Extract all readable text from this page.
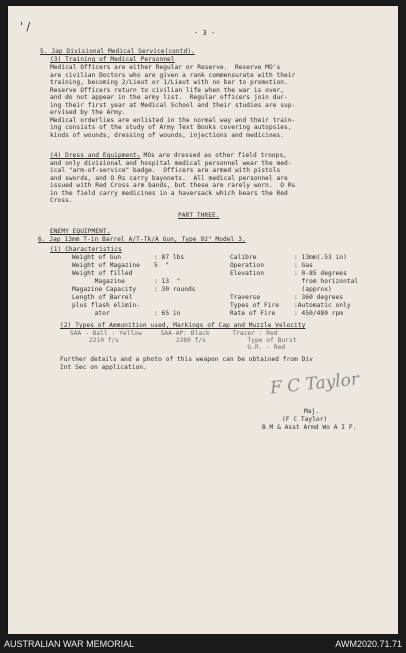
' /	- 3 -
5. Jap Divisional Medical Service(contd).
(3) Training of Medical Personnel
Medical Officers are either Regular or Reserve.  Reserve MO's
are civilian Doctors who are given a rank commensurate with their
training, becoming 2/Lieut or 1/Lieut with no bar to promotion.
Reserve Officers return to civilian life when the war is over,
and do not appear in the army list.  Regular officers join dur-
ing their first year at Medical School and their studies are sup-
ervised by the Army.
Medical orderlies are enlisted in the normal way and their train-
ing consists of the study of Army Text Books covering autopsies,
kinds of wounds, dressing of wounds, injections and medicines.
(4) Dress and Equipment.
- MOs are dressed as other field troops,
and only divisional and hospital medical personnel wear the med-
ical "arm-of-service" badge.  Officers are armed with pistols
and swords, and O Rs carry bayonets.  All medical personnel are
issued with Red Cross arm bands, but these are rarely worn.  O Rs
in the field carry medicines in a haversack which bears the Red
Cross.
PART THREE.
ENEMY EQUIPMENT.
6. Jap 13mm T-in Barrel A/T-Tk/A Gun, Type 92" Model 3.
(1) Characteristics
Weight of Gun	: 87 lbs
Weight of Magazine 5  "
Weight of filled
Magazine	: 13  "
Magazine Capacity	: 30 rounds
Length of Barrel
plus flash elimin-
ator	: 65 in
Calibre	: 13mm(.53 in)
Operation	: Gas
Elevation	: 0-85 degrees
from horizontal
(approx)
Traverse	: 360 degrees
Types of Fire :Automatic only
Rate of Fire	: 450/480 rpm
(2) Types of Ammunition used, Markings of Cap and Muzzle Velocity
SAA - Ball : Yellow     SAA-AP: Black      Tracer : Red
2210 f/s               2380 f/s           Type of Burst
G.R. - Red
Further details and a photo of this weapon can be obtained from Div
Int Sec on application.
F C Taylor
Maj.
(F C Taylor)
B M & Asst Armd Wo A I F.
AUSTRALIAN WAR MEMORIAL	AWM2020.71.71
